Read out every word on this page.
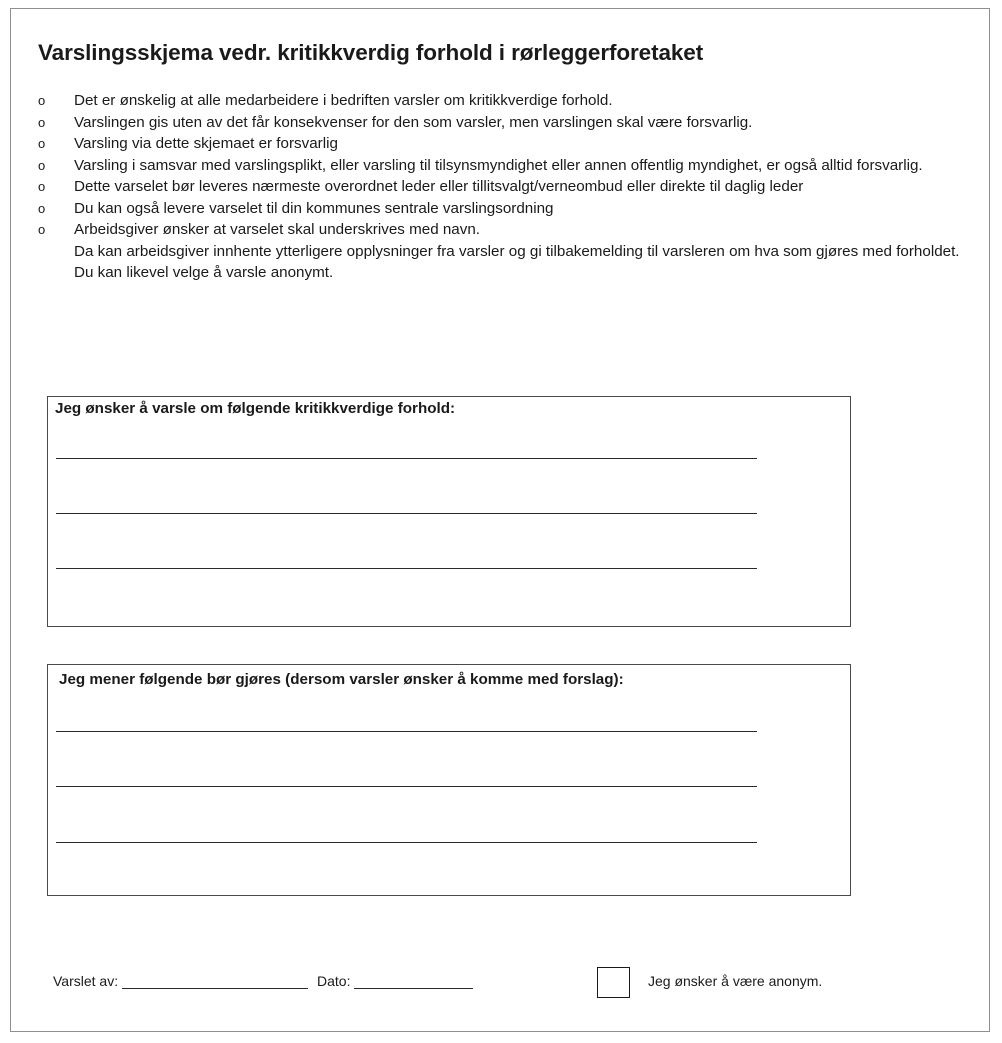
Varslingsskjema vedr. kritikkverdig forhold i rørleggerforetaket
o Det er ønskelig at alle medarbeidere i bedriften varsler om kritikkverdige forhold.
o Varslingen gis uten av det får konsekvenser for den som varsler, men varslingen skal være forsvarlig.
o Varsling via dette skjemaet er forsvarlig
o Varsling i samsvar med varslingsplikt, eller varsling til tilsynsmyndighet eller annen offentlig myndighet, er også alltid forsvarlig.
o Dette varselet bør leveres nærmeste overordnet leder eller tillitsvalgt/verneombud eller direkte til daglig leder
o Du kan også levere varselet til din kommunes sentrale varslingsordning
o Arbeidsgiver ønsker at varselet skal underskrives med navn.
Da kan arbeidsgiver innhente ytterligere opplysninger fra varsler og gi tilbakemelding til varsleren om hva som gjøres med forholdet. Du kan likevel velge å varsle anonymt.
Jeg ønsker å varsle om følgende kritikkverdige forhold:
Jeg mener følgende bør gjøres (dersom varsler ønsker å komme med forslag):
Varslet av:	Dato:	Jeg ønsker å være anonym.
